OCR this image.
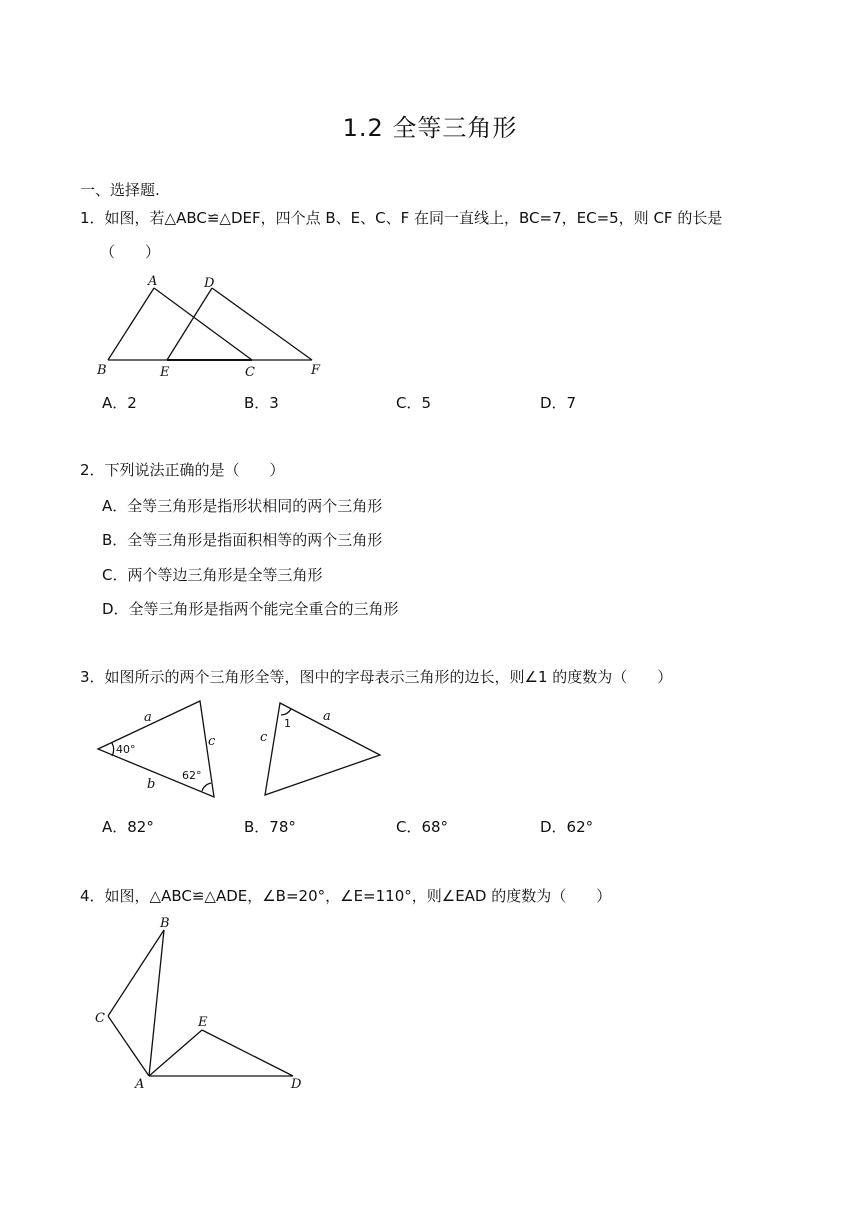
1.2 全等三角形
一、选择题.
1．如图，若△ABC≌△DEF，四个点 B、E、C、F 在同一直线上，BC=7，EC=5，则 CF 的长是
（　　）
A	D
B	E	C	F
A．2	B．3	C．5	D．7
2．下列说法正确的是（　　）
A．全等三角形是指形状相同的两个三角形
B．全等三角形是指面积相等的两个三角形
C．两个等边三角形是全等三角形
D．全等三角形是指两个能完全重合的三角形
3．如图所示的两个三角形全等，图中的字母表示三角形的边长，则∠1 的度数为（　　）
a
c
40°
62°
b
1 a
c
A．82°	B．78°	C．68°	D．62°
4．如图，△ABC≌△ADE，∠B=20°，∠E=110°，则∠EAD 的度数为（　　）
B
C	E
A	D
